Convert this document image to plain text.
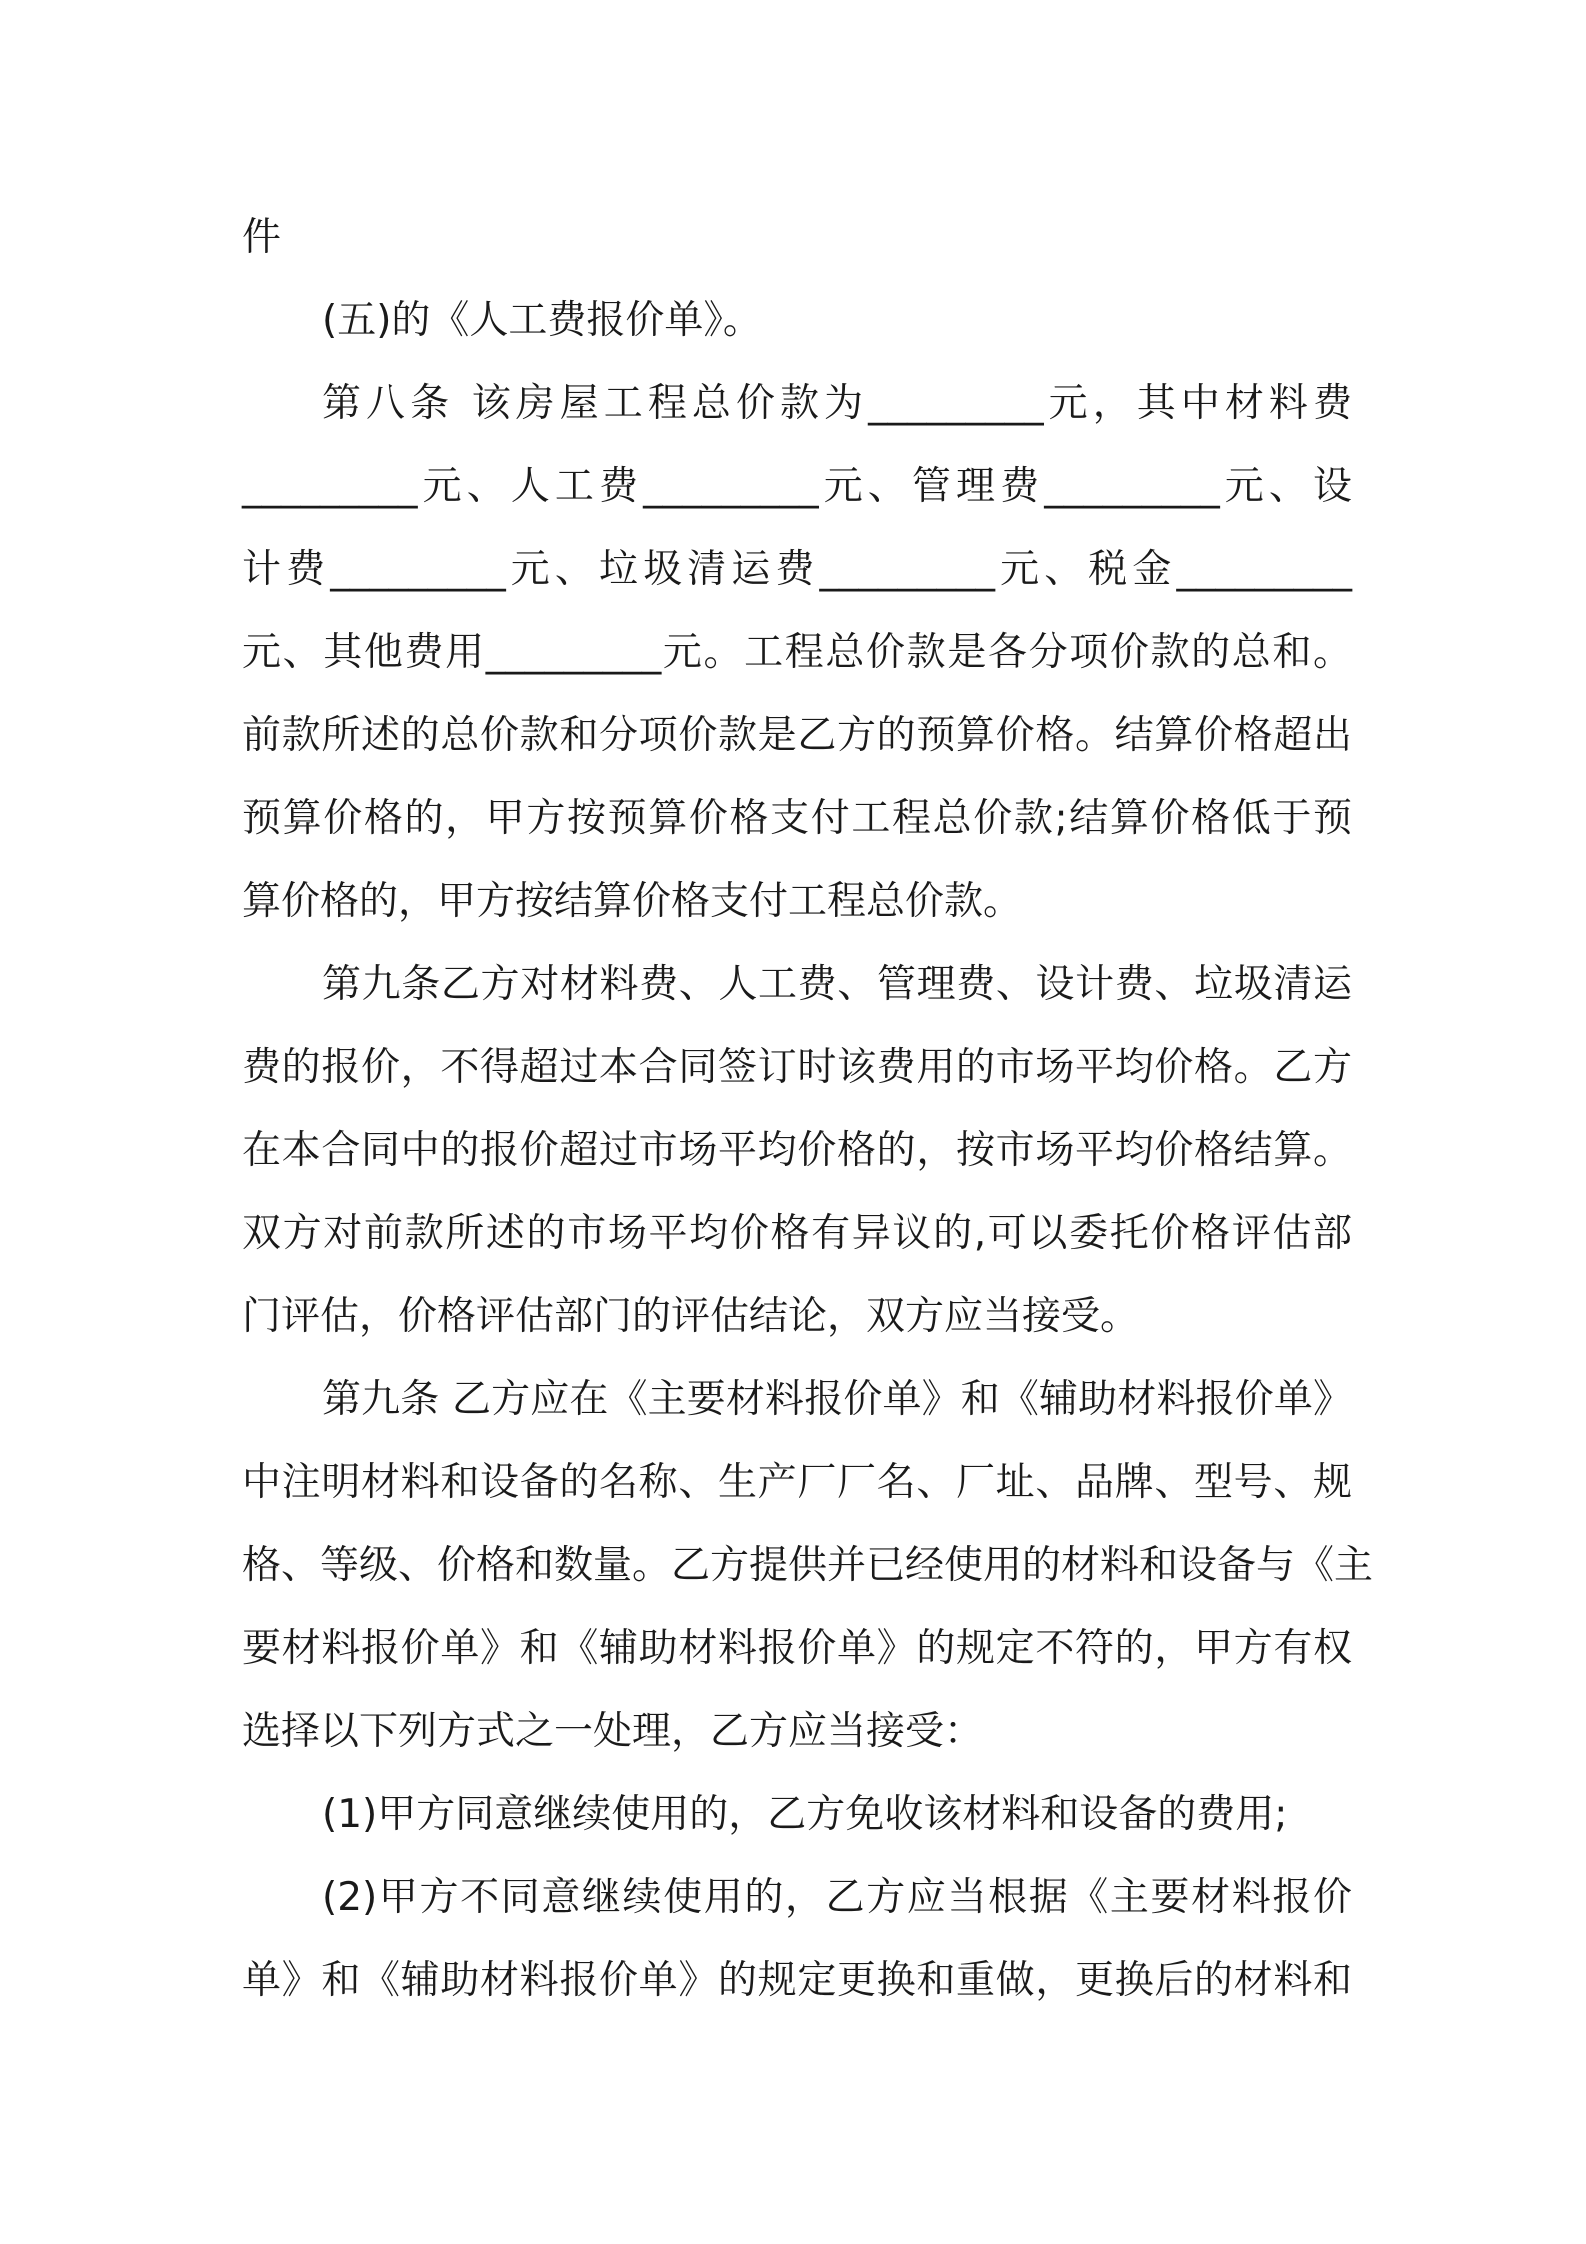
件
(五)的《人工费报价单》。
第八条 该房屋工程总价款为_________元，其中材料费
_________元、人工费_________元、管理费_________元、设
计费_________元、垃圾清运费_________元、税金_________
元、其他费用_________元。工程总价款是各分项价款的总和。
前款所述的总价款和分项价款是乙方的预算价格。结算价格超出
预算价格的，甲方按预算价格支付工程总价款;结算价格低于预
算价格的，甲方按结算价格支付工程总价款。
第九条乙方对材料费、人工费、管理费、设计费、垃圾清运
费的报价，不得超过本合同签订时该费用的市场平均价格。乙方
在本合同中的报价超过市场平均价格的，按市场平均价格结算。
双方对前款所述的市场平均价格有异议的,可以委托价格评估部
门评估，价格评估部门的评估结论，双方应当接受。
第九条 乙方应在《主要材料报价单》和《辅助材料报价单》
中注明材料和设备的名称、生产厂厂名、厂址、品牌、型号、规
格、等级、价格和数量。乙方提供并已经使用的材料和设备与《主
要材料报价单》和《辅助材料报价单》的规定不符的，甲方有权
选择以下列方式之一处理，乙方应当接受：
(1)甲方同意继续使用的，乙方免收该材料和设备的费用;
(2)甲方不同意继续使用的，乙方应当根据《主要材料报价
单》和《辅助材料报价单》的规定更换和重做，更换后的材料和
